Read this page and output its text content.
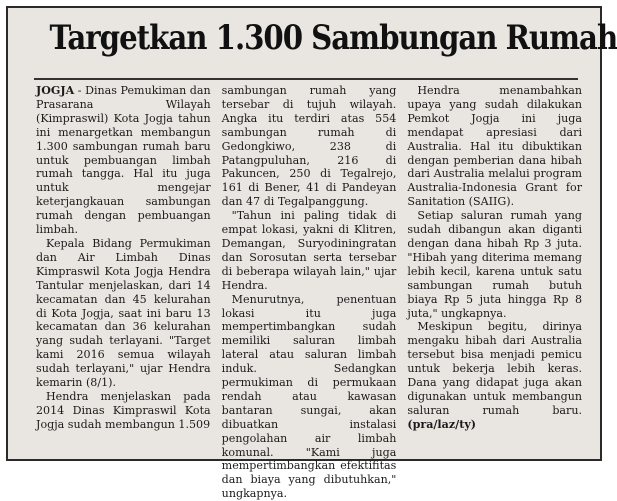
Targetkan 1.300 Sambungan Rumah

JOGJA - Dinas Pemukiman dan Prasarana Wilayah (Kimpraswil) Kota Jogja tahun ini menargetkan membangun 1.300 sambungan rumah baru untuk pembuangan limbah rumah tangga. Hal itu juga untuk mengejar keterjangkauan sambungan rumah dengan pembuangan limbah.

Kepala Bidang Permukiman dan Air Limbah Dinas Kimpraswil Kota Jogja Hendra Tantular menjelaskan, dari 14 kecamatan dan 45 kelurahan di Kota Jogja, saat ini baru 13 kecamatan dan 36 kelurahan yang sudah terlayani. "Target kami 2016 semua wilayah sudah terlayani," ujar Hendra kemarin (8/1).

Hendra menjelaskan pada 2014 Dinas Kimpraswil Kota Jogja sudah membangun 1.509

sambungan rumah yang tersebar di tujuh wilayah. Angka itu terdiri atas 554 sambungan rumah di Gedongkiwo, 238 di Patangpuluhan, 216 di Pakuncen, 250 di Tegalrejo, 161 di Bener, 41 di Pandeyan dan 47 di Tegalpanggung.

"Tahun ini paling tidak di empat lokasi, yakni di Klitren, Demangan, Suryodiningratan dan Sorosutan serta tersebar di beberapa wilayah lain," ujar Hendra.

Menurutnya, penentuan lokasi itu juga mempertimbangkan sudah memiliki saluran limbah lateral atau saluran limbah induk. Sedangkan permukiman di permukaan rendah atau kawasan bantaran sungai, akan dibuatkan instalasi pengolahan air limbah komunal. "Kami juga mempertimbangkan efektifitas dan biaya yang dibutuhkan," ungkapnya.

Hendra menambahkan upaya yang sudah dilakukan Pemkot Jogja ini juga mendapat apresiasi dari Australia. Hal itu dibuktikan dengan pemberian dana hibah dari Australia melalui program Australia-Indonesia Grant for Sanitation (SAIIG).

Setiap saluran rumah yang sudah dibangun akan diganti dengan dana hibah Rp 3 juta. "Hibah yang diterima memang lebih kecil, karena untuk satu sambungan rumah butuh biaya Rp 5 juta hingga Rp 8 juta," ungkapnya.

Meskipun begitu, dirinya mengaku hibah dari Australia tersebut bisa menjadi pemicu untuk bekerja lebih keras. Dana yang didapat juga akan digunakan untuk membangun saluran rumah baru. (pra/laz/ty)
